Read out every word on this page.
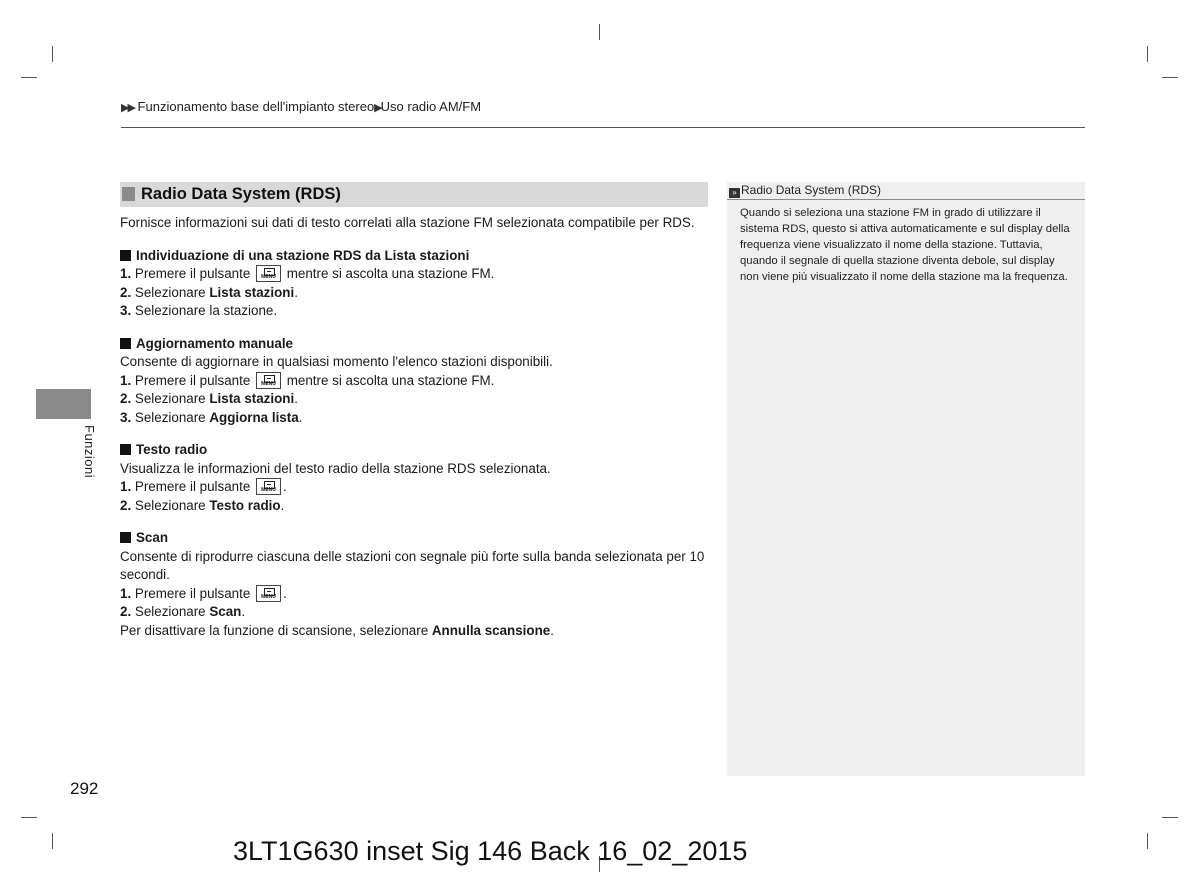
▶▶ Funzionamento base dell'impianto stereo▶Uso radio AM/FM
Funzioni
Radio Data System (RDS)

Fornisce informazioni sui dati di testo correlati alla stazione FM selezionata compatibile per RDS.

Individuazione di una stazione RDS da Lista stazioni

1. Premere il pulsante	MENU mentre si ascolta una stazione FM.

2. Selezionare Lista stazioni.

3. Selezionare la stazione.

Aggiornamento manuale

Consente di aggiornare in qualsiasi momento l'elenco stazioni disponibili.

1. Premere il pulsante	MENU mentre si ascolta una stazione FM.

2. Selezionare Lista stazioni.

3. Selezionare Aggiorna lista.

Testo radio

Visualizza le informazioni del testo radio della stazione RDS selezionata.

1. Premere il pulsante	MENU .

2. Selezionare Testo radio.

Scan

Consente di riprodurre ciascuna delle stazioni con segnale più forte sulla banda selezionata per 10 secondi.

1. Premere il pulsante	MENU .

2. Selezionare Scan.

Per disattivare la funzione di scansione, selezionare Annulla scansione.

» Radio Data System (RDS)
Quando si seleziona una stazione FM in grado di utilizzare il sistema RDS, questo si attiva automaticamente e sul display della frequenza viene visualizzato il nome della stazione. Tuttavia, quando il segnale di quella stazione diventa debole, sul display non viene più visualizzato il nome della stazione ma la frequenza.
292
3LT1G630 inset Sig 146 Back 16_02_2015
